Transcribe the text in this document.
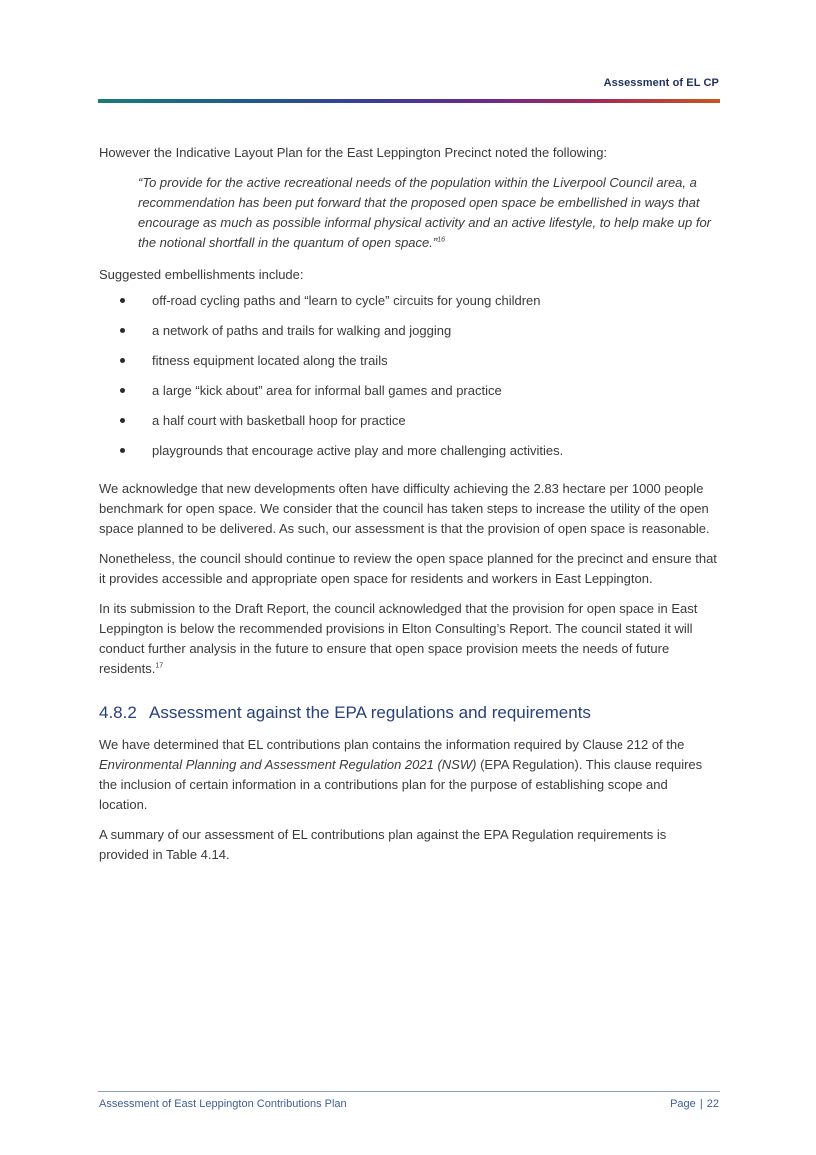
Assessment of EL CP

However the Indicative Layout Plan for the East Leppington Precinct noted the following:

“To provide for the active recreational needs of the population within the Liverpool Council area, a recommendation has been put forward that the proposed open space be embellished in ways that encourage as much as possible informal physical activity and an active lifestyle, to help make up for the notional shortfall in the quantum of open space.”$^{16}$

Suggested embellishments include:

off-road cycling paths and “learn to cycle” circuits for young children
a network of paths and trails for walking and jogging
fitness equipment located along the trails
a large “kick about” area for informal ball games and practice
a half court with basketball hoop for practice
playgrounds that encourage active play and more challenging activities.

We acknowledge that new developments often have difficulty achieving the 2.83 hectare per 1000 people benchmark for open space. We consider that the council has taken steps to increase the utility of the open space planned to be delivered. As such, our assessment is that the provision of open space is reasonable.

Nonetheless, the council should continue to review the open space planned for the precinct and ensure that it provides accessible and appropriate open space for residents and workers in East Leppington.

In its submission to the Draft Report, the council acknowledged that the provision for open space in East Leppington is below the recommended provisions in Elton Consulting’s Report. The council stated it will conduct further analysis in the future to ensure that open space provision meets the needs of future residents.$^{17}$

4.8.2 Assessment against the EPA regulations and requirements

We have determined that EL contributions plan contains the information required by Clause 212 of the Environmental Planning and Assessment Regulation 2021 (NSW) (EPA Regulation). This clause requires the inclusion of certain information in a contributions plan for the purpose of establishing scope and location.

A summary of our assessment of EL contributions plan against the EPA Regulation requirements is provided in Table 4.14.

Assessment of East Leppington Contributions Plan	Page | 22
